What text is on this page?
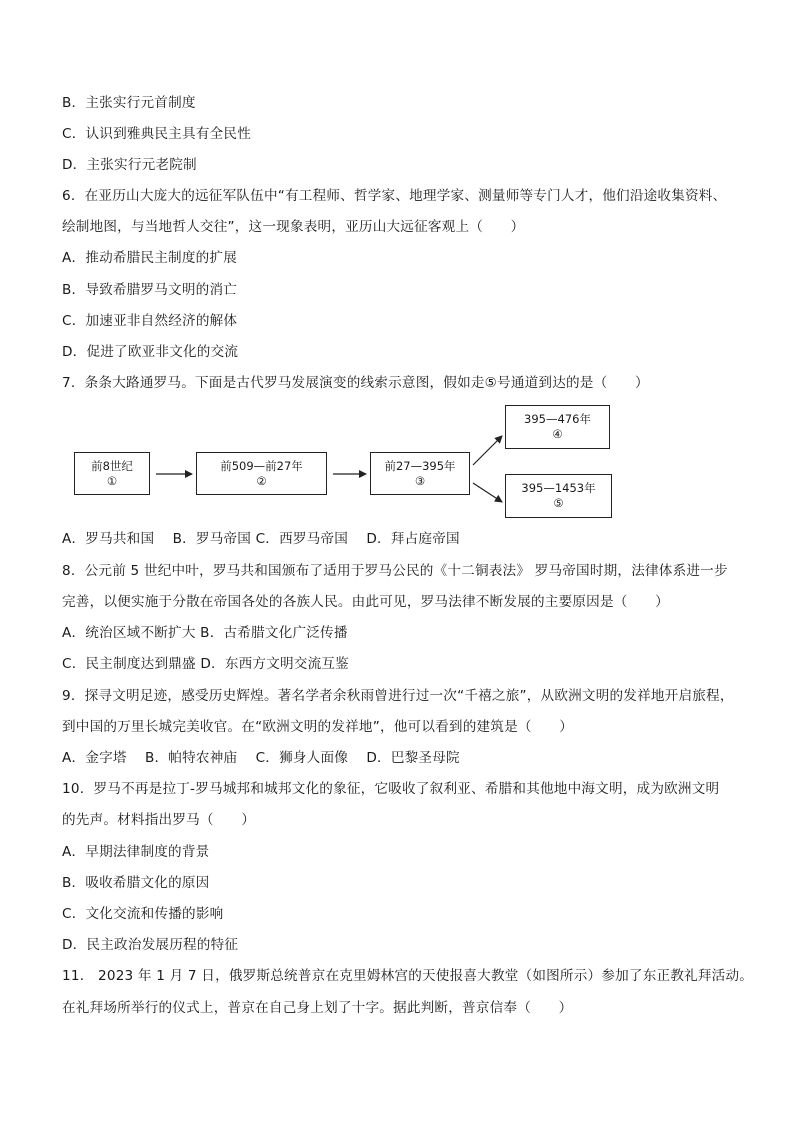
B．主张实行元首制度
C．认识到雅典民主具有全民性
D．主张实行元老院制
6．在亚历山大庞大的远征军队伍中“有工程师、哲学家、地理学家、测量师等专门人才，他们沿途收集资料、
绘制地图，与当地哲人交往”，这一现象表明，亚历山大远征客观上（　　）
A．推动希腊民主制度的扩展
B．导致希腊罗马文明的消亡
C．加速亚非自然经济的解体
D．促进了欧亚非文化的交流
7．条条大路通罗马。下面是古代罗马发展演变的线索示意图，假如走⑤号通道到达的是（　　）
前8世纪
①
前509—前27年
②
前27—395年
③
395—476年
④
395—1453年
⑤
A．罗马共和国　 B．罗马帝国 C．西罗马帝国　 D．拜占庭帝国
8．公元前 5 世纪中叶，罗马共和国颁布了适用于罗马公民的《十二铜表法》 罗马帝国时期，法律体系进一步
完善，以便实施于分散在帝国各处的各族人民。由此可见，罗马法律不断发展的主要原因是（　　）
A．统治区域不断扩大 B．古希腊文化广泛传播
C．民主制度达到鼎盛 D．东西方文明交流互鉴
9．探寻文明足迹，感受历史辉煌。著名学者余秋雨曾进行过一次“千禧之旅”，从欧洲文明的发祥地开启旅程，
到中国的万里长城完美收官。在“欧洲文明的发祥地”，他可以看到的建筑是（　　）
A．金字塔　 B．帕特农神庙　 C．狮身人面像　 D．巴黎圣母院
10．罗马不再是拉丁-罗马城邦和城邦文化的象征，它吸收了叙利亚、希腊和其他地中海文明，成为欧洲文明
的先声。材料指出罗马（　　）
A．早期法律制度的背景
B．吸收希腊文化的原因
C．文化交流和传播的影响
D．民主政治发展历程的特征
11． 2023 年 1 月 7 日，俄罗斯总统普京在克里姆林宫的天使报喜大教堂（如图所示）参加了东正教礼拜活动。
在礼拜场所举行的仪式上，普京在自己身上划了十字。据此判断，普京信奉（　　）
